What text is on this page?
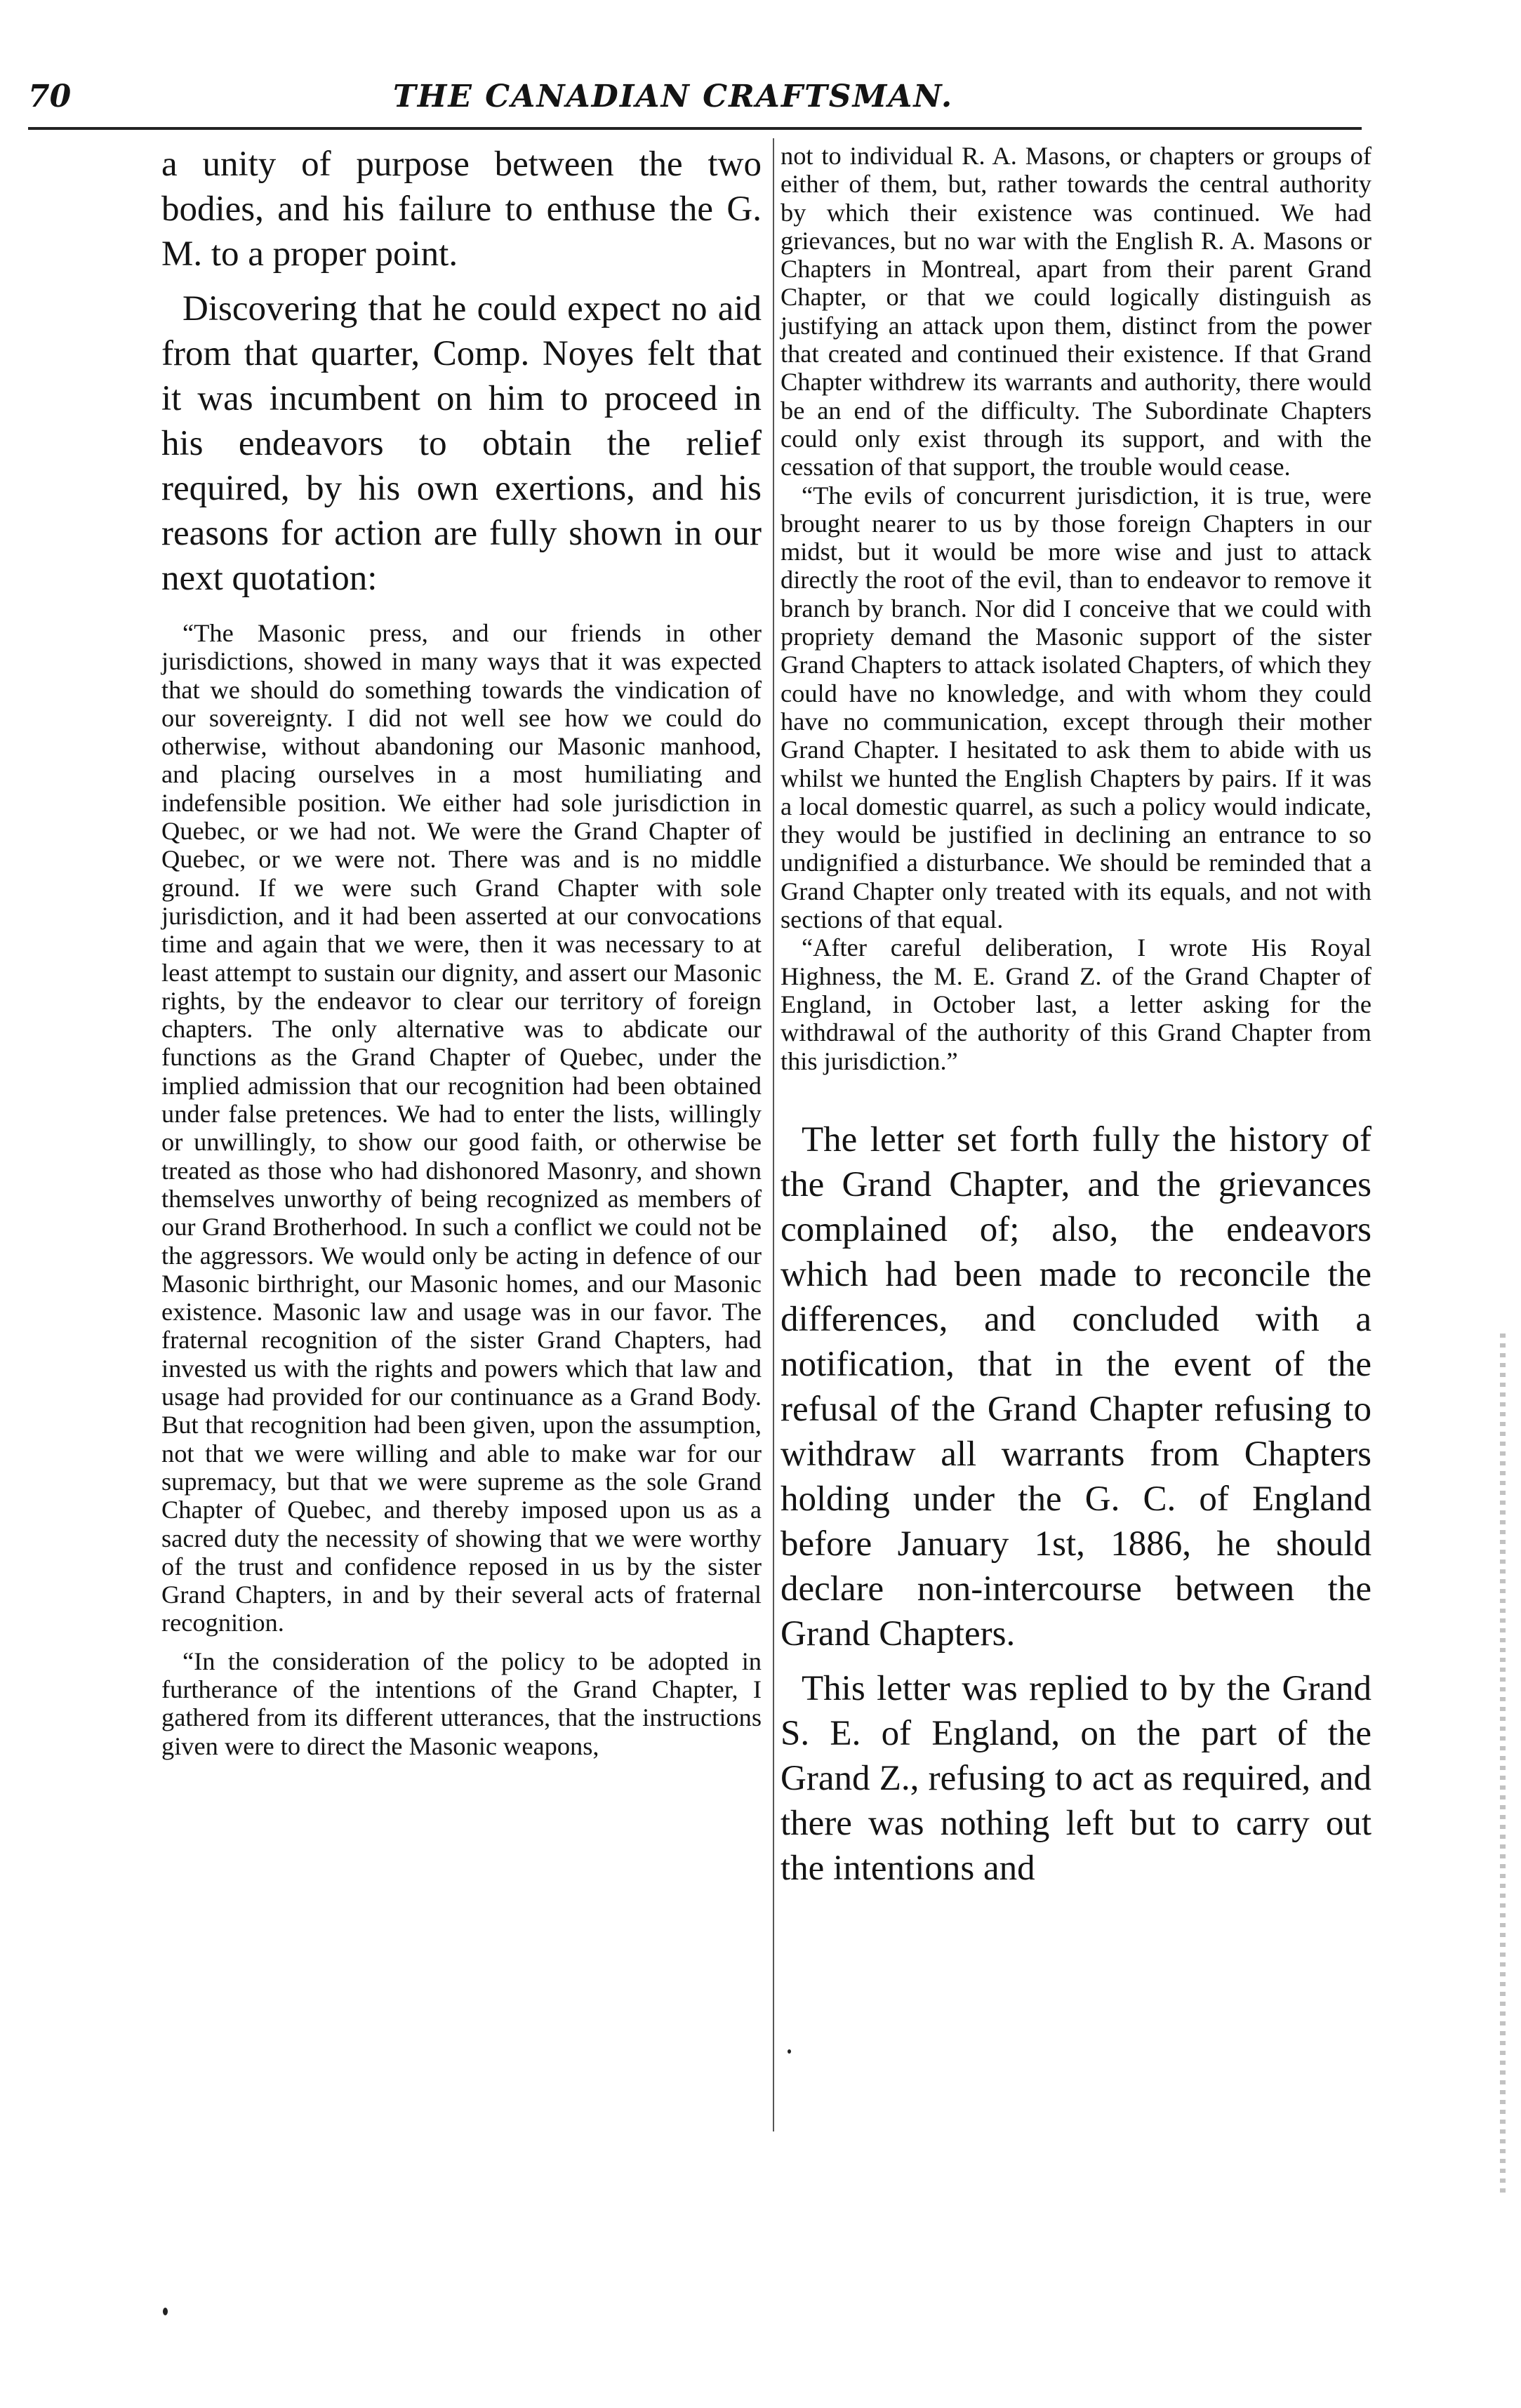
70	THE CANADIAN CRAFTSMAN.

a unity of purpose between the two bodies, and his failure to enthuse the G. M. to a proper point.

Discovering that he could expect no aid from that quarter, Comp. Noyes felt that it was incumbent on him to proceed in his endeavors to obtain the relief required, by his own exertions, and his reasons for action are fully shown in our next quotation:

“The Masonic press, and our friends in other jurisdictions, showed in many ways that it was expected that we should do something towards the vindication of our sovereignty. I did not well see how we could do otherwise, without abandoning our Masonic manhood, and placing ourselves in a most humiliating and indefensible position. We either had sole jurisdiction in Quebec, or we had not. We were the Grand Chapter of Quebec, or we were not. There was and is no middle ground. If we were such Grand Chapter with sole jurisdiction, and it had been asserted at our convocations time and again that we were, then it was necessary to at least attempt to sustain our dignity, and assert our Masonic rights, by the endeavor to clear our territory of foreign chapters. The only alternative was to abdicate our functions as the Grand Chapter of Quebec, under the implied admission that our recognition had been obtained under false pretences. We had to enter the lists, willingly or unwillingly, to show our good faith, or otherwise be treated as those who had dishonored Masonry, and shown themselves unworthy of being recognized as members of our Grand Brotherhood. In such a conflict we could not be the aggressors. We would only be acting in defence of our Masonic birthright, our Masonic homes, and our Masonic existence. Masonic law and usage was in our favor. The fraternal recognition of the sister Grand Chapters, had invested us with the rights and powers which that law and usage had provided for our continuance as a Grand Body. But that recognition had been given, upon the assumption, not that we were willing and able to make war for our supremacy, but that we were supreme as the sole Grand Chapter of Quebec, and thereby imposed upon us as a sacred duty the necessity of showing that we were worthy of the trust and confidence reposed in us by the sister Grand Chapters, in and by their several acts of fraternal recognition.

“In the consideration of the policy to be adopted in furtherance of the intentions of the Grand Chapter, I gathered from its different utterances, that the instructions given were to direct the Masonic weapons,

not to individual R. A. Masons, or chapters or groups of either of them, but, rather towards the central authority by which their existence was continued. We had grievances, but no war with the English R. A. Masons or Chapters in Montreal, apart from their parent Grand Chapter, or that we could logically distinguish as justifying an attack upon them, distinct from the power that created and continued their existence. If that Grand Chapter withdrew its warrants and authority, there would be an end of the difficulty. The Subordinate Chapters could only exist through its support, and with the cessation of that support, the trouble would cease.

“The evils of concurrent jurisdiction, it is true, were brought nearer to us by those foreign Chapters in our midst, but it would be more wise and just to attack directly the root of the evil, than to endeavor to remove it branch by branch. Nor did I conceive that we could with propriety demand the Masonic support of the sister Grand Chapters to attack isolated Chapters, of which they could have no knowledge, and with whom they could have no communication, except through their mother Grand Chapter. I hesitated to ask them to abide with us whilst we hunted the English Chapters by pairs. If it was a local domestic quarrel, as such a policy would indicate, they would be justified in declining an entrance to so undignified a disturbance. We should be reminded that a Grand Chapter only treated with its equals, and not with sections of that equal.

“After careful deliberation, I wrote His Royal Highness, the M. E. Grand Z. of the Grand Chapter of England, in October last, a letter asking for the withdrawal of the authority of this Grand Chapter from this jurisdiction.”

The letter set forth fully the history of the Grand Chapter, and the grievances complained of; also, the endeavors which had been made to reconcile the differences, and concluded with a notification, that in the event of the refusal of the Grand Chapter refusing to withdraw all warrants from Chapters holding under the G. C. of England before January 1st, 1886, he should declare non-intercourse between the Grand Chapters.

This letter was replied to by the Grand S. E. of England, on the part of the Grand Z., refusing to act as required, and there was nothing left but to carry out the intentions and
